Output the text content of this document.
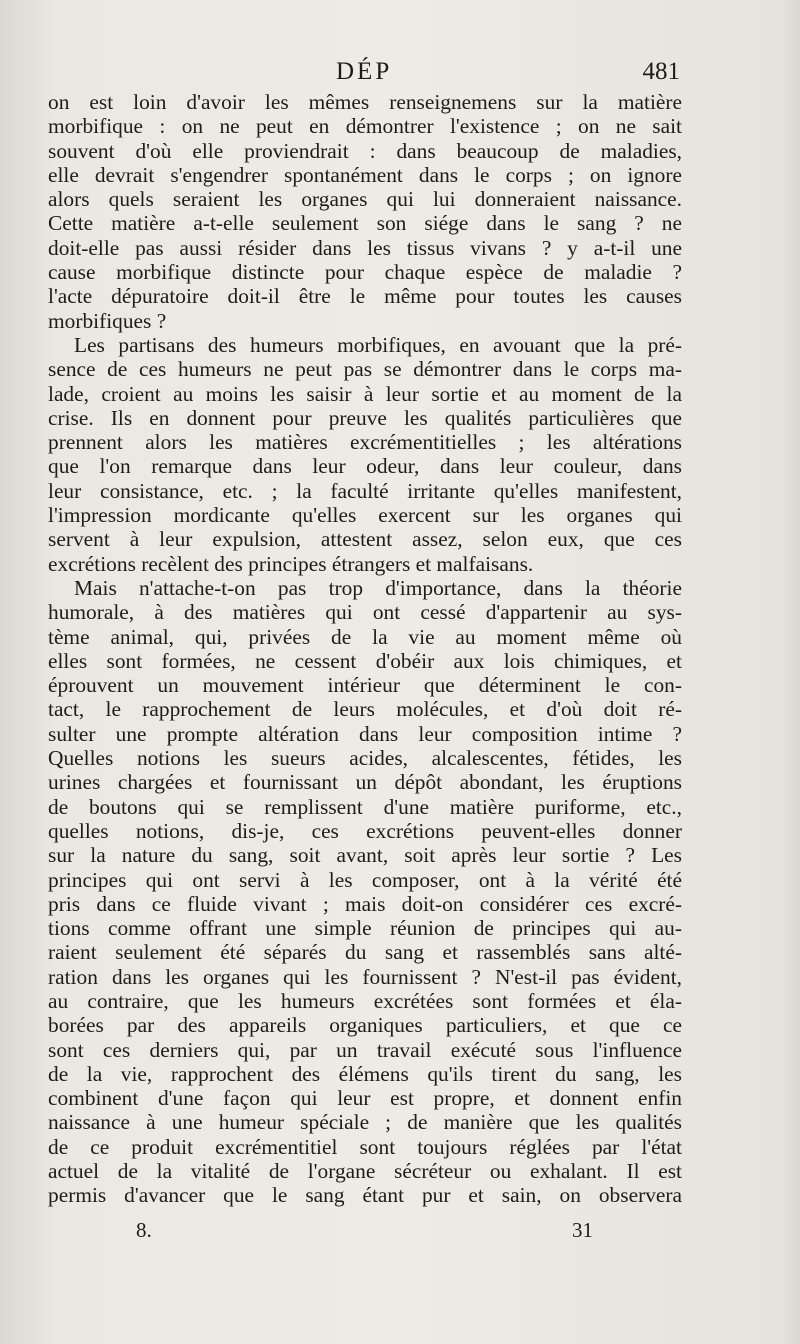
DÉP	481

on est loin d'avoir les mêmes renseignemens sur la matière
morbifique : on ne peut en démontrer l'existence ; on ne sait
souvent d'où elle proviendrait : dans beaucoup de maladies,
elle devrait s'engendrer spontanément dans le corps ; on ignore
alors quels seraient les organes qui lui donneraient naissance.
Cette matière a-t-elle seulement son siége dans le sang ? ne
doit-elle pas aussi résider dans les tissus vivans ? y a-t-il une
cause morbifique distincte pour chaque espèce de maladie ?
l'acte dépuratoire doit-il être le même pour toutes les causes
morbifiques ?

Les partisans des humeurs morbifiques, en avouant que la pré-
sence de ces humeurs ne peut pas se démontrer dans le corps ma-
lade, croient au moins les saisir à leur sortie et au moment de la
crise. Ils en donnent pour preuve les qualités particulières que
prennent alors les matières excrémentitielles ; les altérations
que l'on remarque dans leur odeur, dans leur couleur, dans
leur consistance, etc. ; la faculté irritante qu'elles manifestent,
l'impression mordicante qu'elles exercent sur les organes qui
servent à leur expulsion, attestent assez, selon eux, que ces
excrétions recèlent des principes étrangers et malfaisans.

Mais n'attache-t-on pas trop d'importance, dans la théorie
humorale, à des matières qui ont cessé d'appartenir au sys-
tème animal, qui, privées de la vie au moment même où
elles sont formées, ne cessent d'obéir aux lois chimiques, et
éprouvent un mouvement intérieur que déterminent le con-
tact, le rapprochement de leurs molécules, et d'où doit ré-
sulter une prompte altération dans leur composition intime ?
Quelles notions les sueurs acides, alcalescentes, fétides, les
urines chargées et fournissant un dépôt abondant, les éruptions
de boutons qui se remplissent d'une matière puriforme, etc.,
quelles notions, dis-je, ces excrétions peuvent-elles donner
sur la nature du sang, soit avant, soit après leur sortie ? Les
principes qui ont servi à les composer, ont à la vérité été
pris dans ce fluide vivant ; mais doit-on considérer ces excré-
tions comme offrant une simple réunion de principes qui au-
raient seulement été séparés du sang et rassemblés sans alté-
ration dans les organes qui les fournissent ? N'est-il pas évident,
au contraire, que les humeurs excrétées sont formées et éla-
borées par des appareils organiques particuliers, et que ce
sont ces derniers qui, par un travail exécuté sous l'influence
de la vie, rapprochent des élémens qu'ils tirent du sang, les
combinent d'une façon qui leur est propre, et donnent enfin
naissance à une humeur spéciale ; de manière que les qualités
de ce produit excrémentitiel sont toujours réglées par l'état
actuel de la vitalité de l'organe sécréteur ou exhalant. Il est
permis d'avancer que le sang étant pur et sain, on observera

8.	31
